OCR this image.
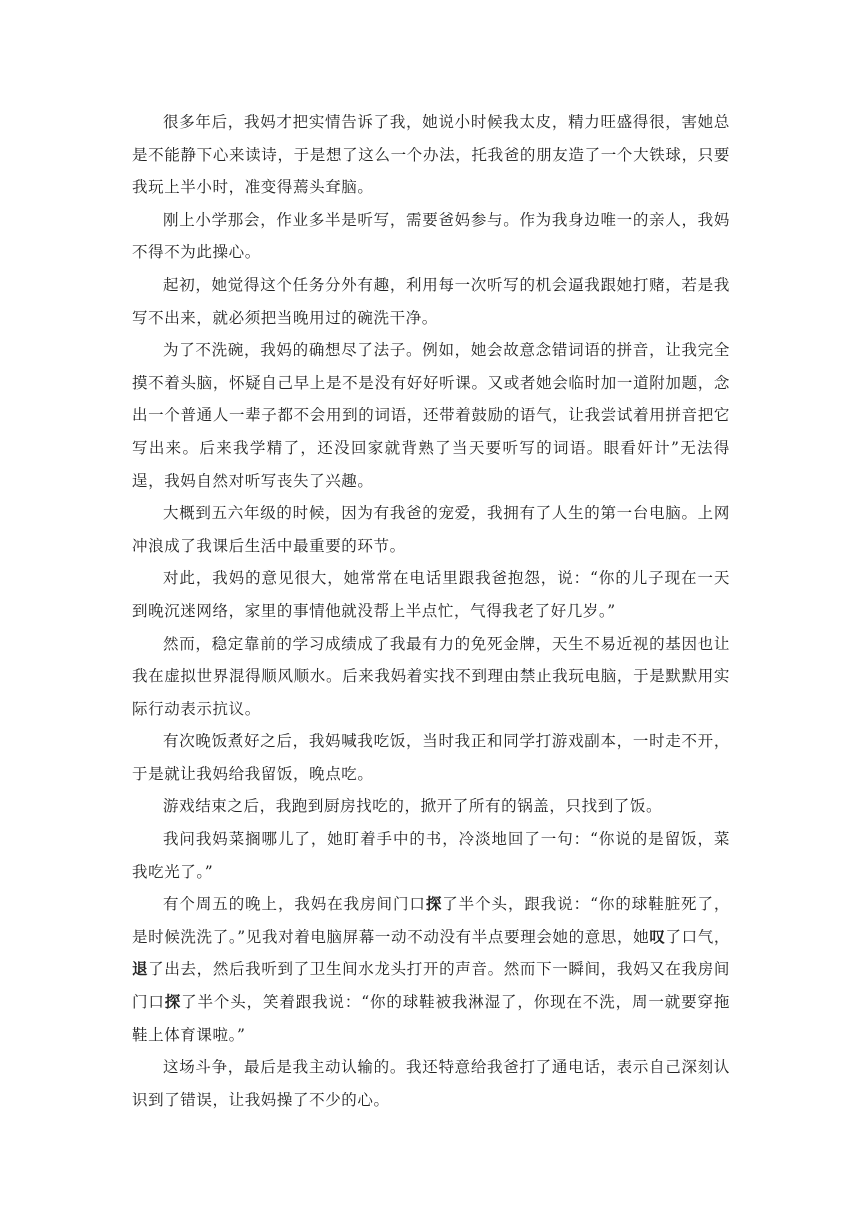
很多年后，我妈才把实情告诉了我，她说小时候我太皮，精力旺盛得很，害她总是不能静下心来读诗，于是想了这么一个办法，托我爸的朋友造了一个大铁球，只要我玩上半小时，准变得蔫头耷脑。

刚上小学那会，作业多半是听写，需要爸妈参与。作为我身边唯一的亲人，我妈不得不为此操心。

起初，她觉得这个任务分外有趣，利用每一次听写的机会逼我跟她打赌，若是我写不出来，就必须把当晚用过的碗洗干净。

为了不洗碗，我妈的确想尽了法子。例如，她会故意念错词语的拼音，让我完全摸不着头脑，怀疑自己早上是不是没有好好听课。又或者她会临时加一道附加题，念出一个普通人一辈子都不会用到的词语，还带着鼓励的语气，让我尝试着用拼音把它写出来。后来我学精了，还没回家就背熟了当天要听写的词语。眼看奸计”无法得逞，我妈自然对听写丧失了兴趣。

大概到五六年级的时候，因为有我爸的宠爱，我拥有了人生的第一台电脑。上网冲浪成了我课后生活中最重要的环节。

对此，我妈的意见很大，她常常在电话里跟我爸抱怨，说：“你的儿子现在一天到晚沉迷网络，家里的事情他就没帮上半点忙，气得我老了好几岁。”

然而，稳定靠前的学习成绩成了我最有力的免死金牌，天生不易近视的基因也让我在虚拟世界混得顺风顺水。后来我妈着实找不到理由禁止我玩电脑，于是默默用实际行动表示抗议。

有次晚饭煮好之后，我妈喊我吃饭，当时我正和同学打游戏副本，一时走不开，于是就让我妈给我留饭，晚点吃。

游戏结束之后，我跑到厨房找吃的，掀开了所有的锅盖，只找到了饭。

我问我妈菜搁哪儿了，她盯着手中的书，冷淡地回了一句：“你说的是留饭，菜我吃光了。”

有个周五的晚上，我妈在我房间门口探了半个头，跟我说：“你的球鞋脏死了，是时候洗洗了。”见我对着电脑屏幕一动不动没有半点要理会她的意思，她叹了口气，退了出去，然后我听到了卫生间水龙头打开的声音。然而下一瞬间，我妈又在我房间门口探了半个头，笑着跟我说：“你的球鞋被我淋湿了，你现在不洗，周一就要穿拖鞋上体育课啦。”

这场斗争，最后是我主动认输的。我还特意给我爸打了通电话，表示自己深刻认识到了错误，让我妈操了不少的心。
